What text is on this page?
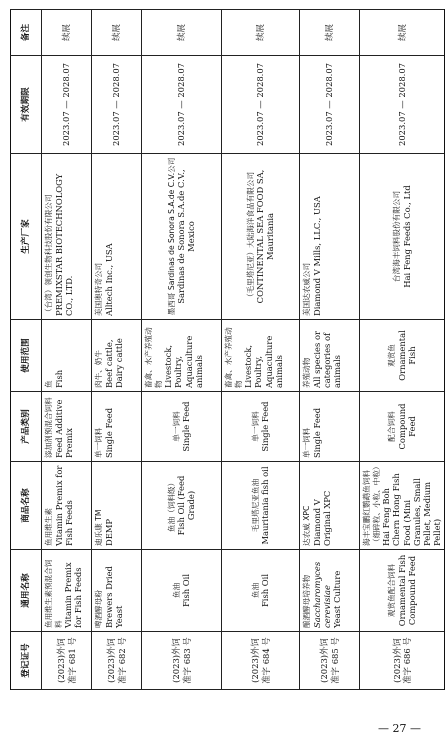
登记证号	通用名称	商品名称	产品类别	使用范围	生产厂家	有效期限	备注
(2023)外饲准字 681 号	鱼用维生素预混合饲料 Vitamin Premix for Fish Feeds	鱼用维生素 Vitamin Premix for Fish Feeds	添加剂预混合饲料 Feed Additive Premix	鱼 Fish	（台湾）领创生物科技股份有限公司 PREMIXSTAR BIOTECHNOLOGY CO., LTD.	2023.07 — 2028.07	续展
(2023)外饲准字 682 号	啤酒酵母粉 Brewers Dried Yeast	迪乐康 TM DEMP	单一饲料 Single Feed	肉牛、奶牛 Beef cattle, Dairy cattle	美国奥特奇公司 Alltech Inc., USA	2023.07 — 2028.07	续展
(2023)外饲准字 683 号	鱼油 Fish Oil	鱼油（饲料级） Fish Oil (Feed Grade)	单一饲料 Single Feed	畜禽、水产养殖动物 Livestock, Poultry, Aquaculture animals	墨西哥 Sardinas de Sonora S.A.de C.V.公司 Sardinas de Sonora S.A.de C.V., Mexico	2023.07 — 2028.07	续展
(2023)外饲准字 684 号	鱼油 Fish Oil	毛里塔尼亚鱼油 Mauritania fish oil	单一饲料 Single Feed	畜禽、水产养殖动物 Livestock, Poultry, Aquaculture animals	（毛里塔尼亚）大陆海洋食品有限公司 CONTINENTAL SEA FOOD SA, Mauritania	2023.07 — 2028.07	续展
(2023)外饲准字 685 号	酿酒酵母培养物 Saccharomyces cerevisiae Yeast Culture	达农威 XPC Diamond V Original XPC	单一饲料 Single Feed	养殖动物 All species or categories of animals	美国达农威公司 Diamond V Mills, LLC., USA	2023.07 — 2028.07	续展
(2023)外饲准字 686 号	观赏鱼配合饲料 Ornamental Fish Compound Feed	海丰宝鹏红鹦鹉鱼饲料（细碎粒、小粒、中粒） Hai Feng Boh Chern Hong Fish Food (Mini Granules, Small Pellet, Medium Pellet)	配合饲料 Compound Feed	观赏鱼 Ornamental Fish	台湾海丰饲料股份有限公司 Hai Feng Feeds Co., Ltd	2023.07 — 2028.07	续展
— 27 —
